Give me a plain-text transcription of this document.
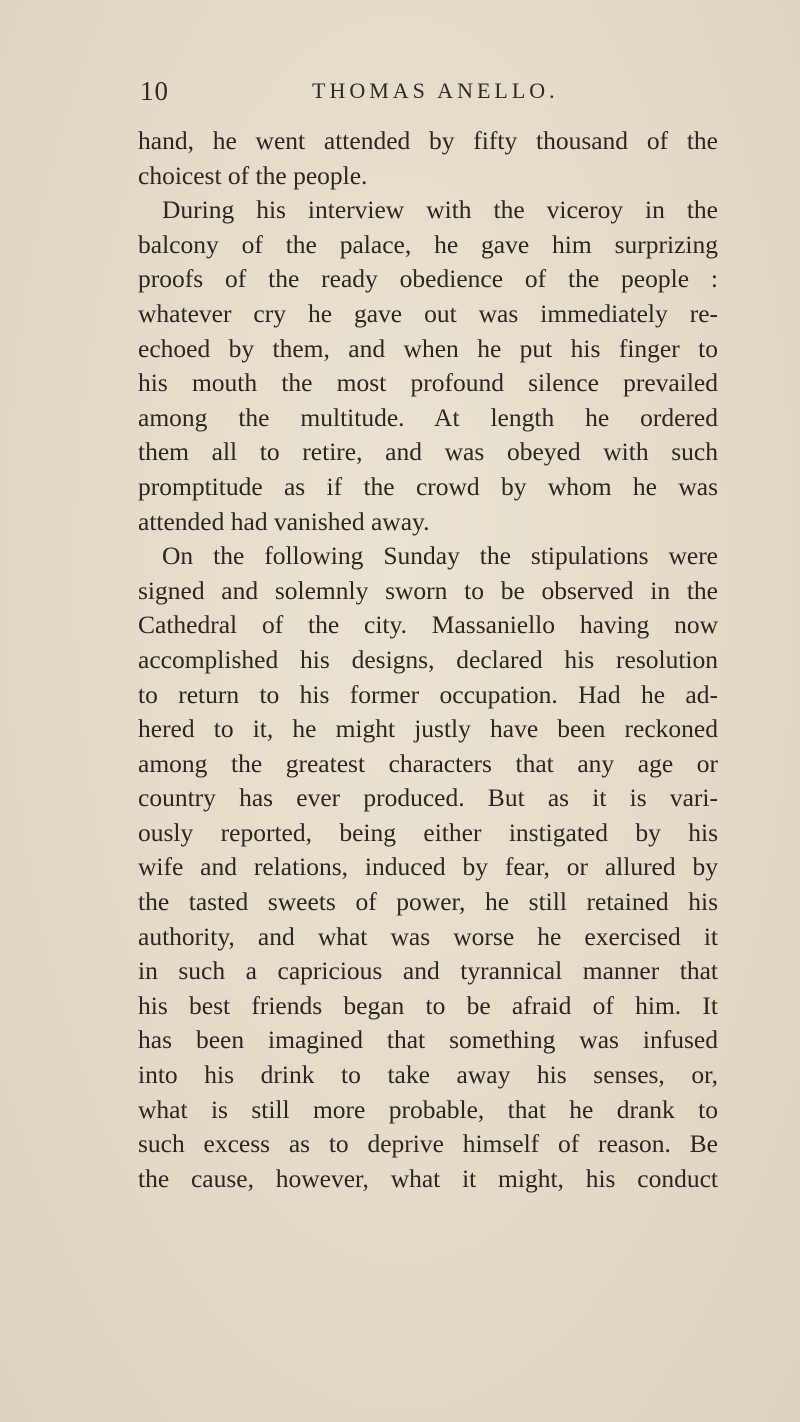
10	THOMAS ANELLO.
hand, he went attended by fifty thousand of the
choicest of the people.
During his interview with the viceroy in the
balcony of the palace, he gave him surprizing
proofs of the ready obedience of the people :
whatever cry he gave out was immediately re-
echoed by them, and when he put his finger to
his mouth the most profound silence prevailed
among the multitude. At length he ordered
them all to retire, and was obeyed with such
promptitude as if the crowd by whom he was
attended had vanished away.
On the following Sunday the stipulations were
signed and solemnly sworn to be observed in the
Cathedral of the city. Massaniello having now
accomplished his designs, declared his resolution
to return to his former occupation. Had he ad-
hered to it, he might justly have been reckoned
among the greatest characters that any age or
country has ever produced. But as it is vari-
ously reported, being either instigated by his
wife and relations, induced by fear, or allured by
the tasted sweets of power, he still retained his
authority, and what was worse he exercised it
in such a capricious and tyrannical manner that
his best friends began to be afraid of him. It
has been imagined that something was infused
into his drink to take away his senses, or,
what is still more probable, that he drank to
such excess as to deprive himself of reason. Be
the cause, however, what it might, his conduct
